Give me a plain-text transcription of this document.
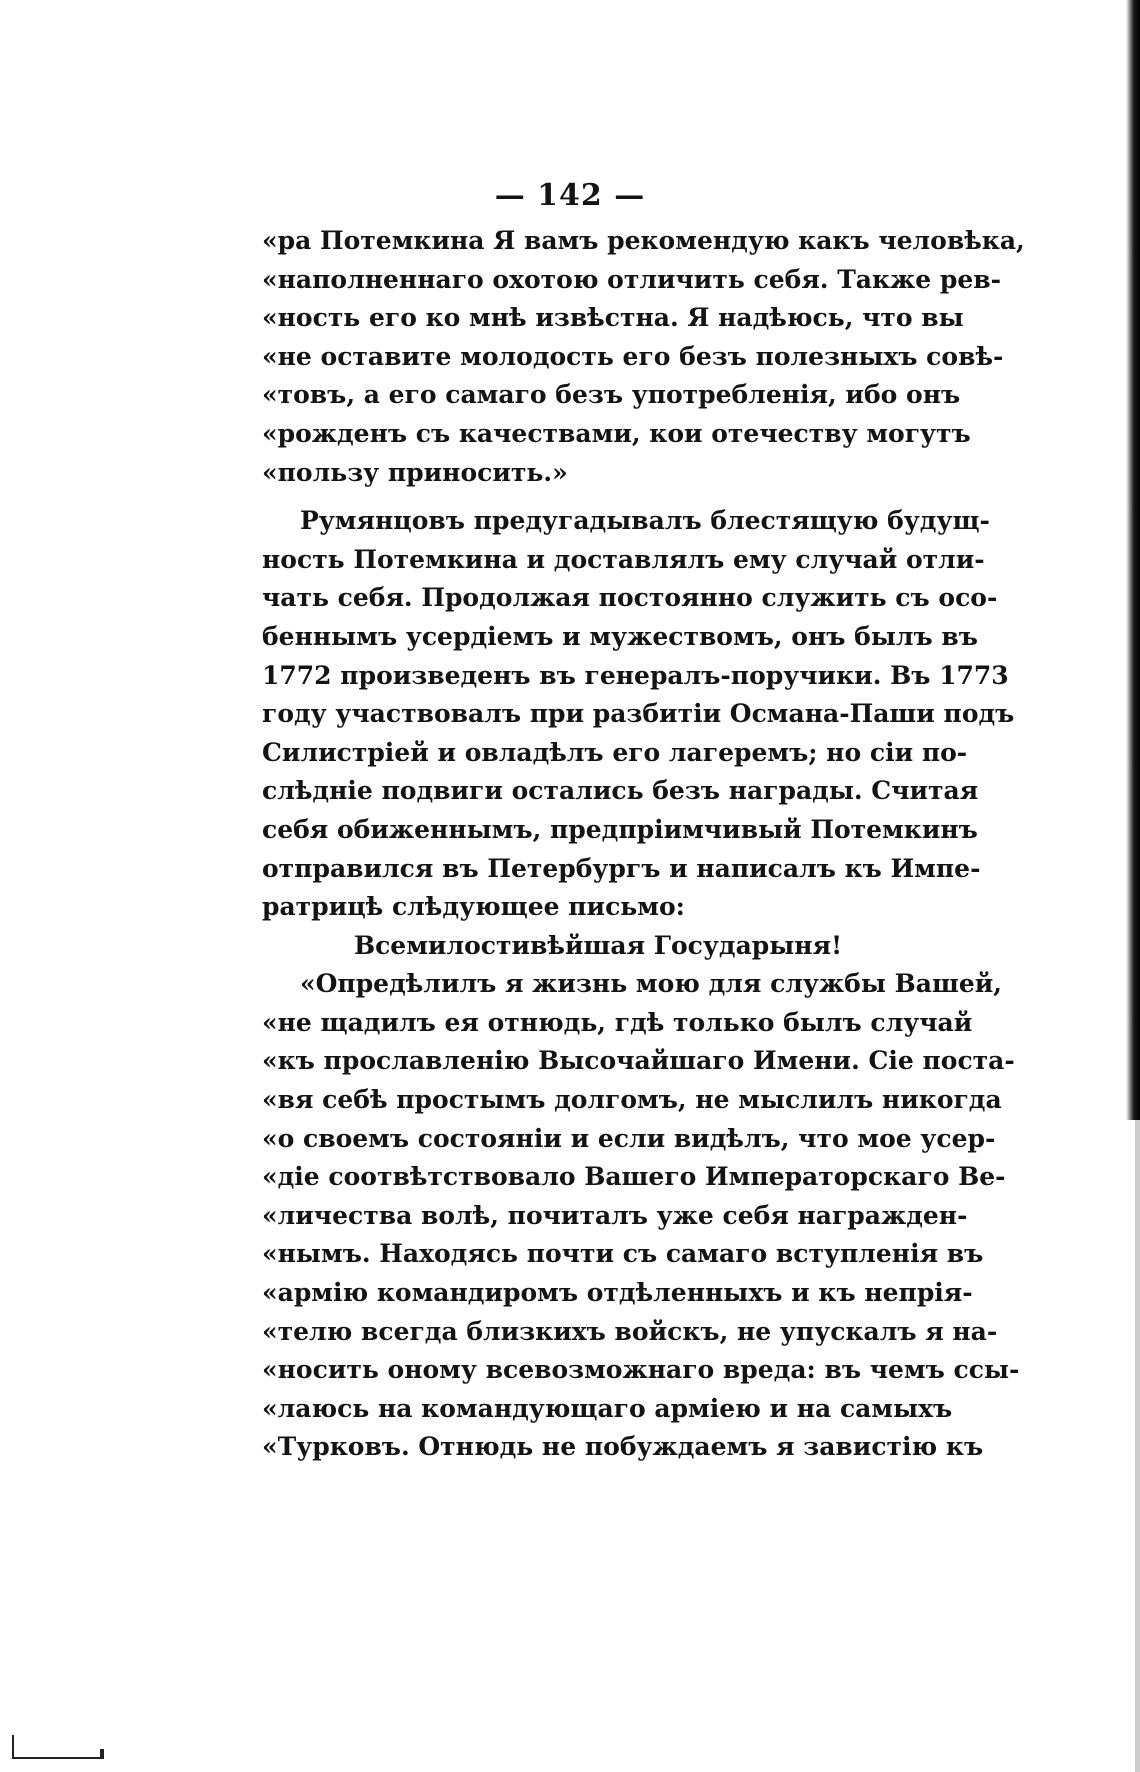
— 142 —
«ра Потемкина Я вамъ рекомендую какъ человѣка,
«наполненнаго охотою отличить себя. Также рев-
«ность его ко мнѣ извѣстна. Я надѣюсь, что вы
«не оставите молодость его безъ полезныхъ совѣ-
«товъ, а его самаго безъ употребленія, ибо онъ
«рожденъ съ качествами, кои отечеству могутъ
«пользу приносить.»
Румянцовъ предугадывалъ блестящую будущ-
ность Потемкина и доставлялъ ему случай отли-
чать себя. Продолжая постоянно служить съ осо-
беннымъ усердіемъ и мужествомъ, онъ былъ въ
1772 произведенъ въ генералъ-поручики. Въ 1773
году участвовалъ при разбитіи Османа-Паши подъ
Силистріей и овладѣлъ его лагеремъ; но сіи по-
слѣдніе подвиги остались безъ награды. Считая
себя обиженнымъ, предпріимчивый Потемкинъ
отправился въ Петербургъ и написалъ къ Импе-
ратрицѣ слѣдующее письмо:
Всемилостивѣйшая Государыня!
«Опредѣлилъ я жизнь мою для службы Вашей,
«не щадилъ ея отнюдь, гдѣ только былъ случай
«къ прославленію Высочайшаго Имени. Сіе поста-
«вя себѣ простымъ долгомъ, не мыслилъ никогда
«о своемъ состояніи и если видѣлъ, что мое усер-
«діе соотвѣтствовало Вашего Императорскаго Ве-
«личества волѣ, почиталъ уже себя награжден-
«нымъ. Находясь почти съ самаго вступленія въ
«армію командиромъ отдѣленныхъ и къ непрія-
«телю всегда близкихъ войскъ, не упускалъ я на-
«носить оному всевозможнаго вреда: въ чемъ ссы-
«лаюсь на командующаго арміею и на самыхъ
«Турковъ. Отнюдь не побуждаемъ я завистію къ
